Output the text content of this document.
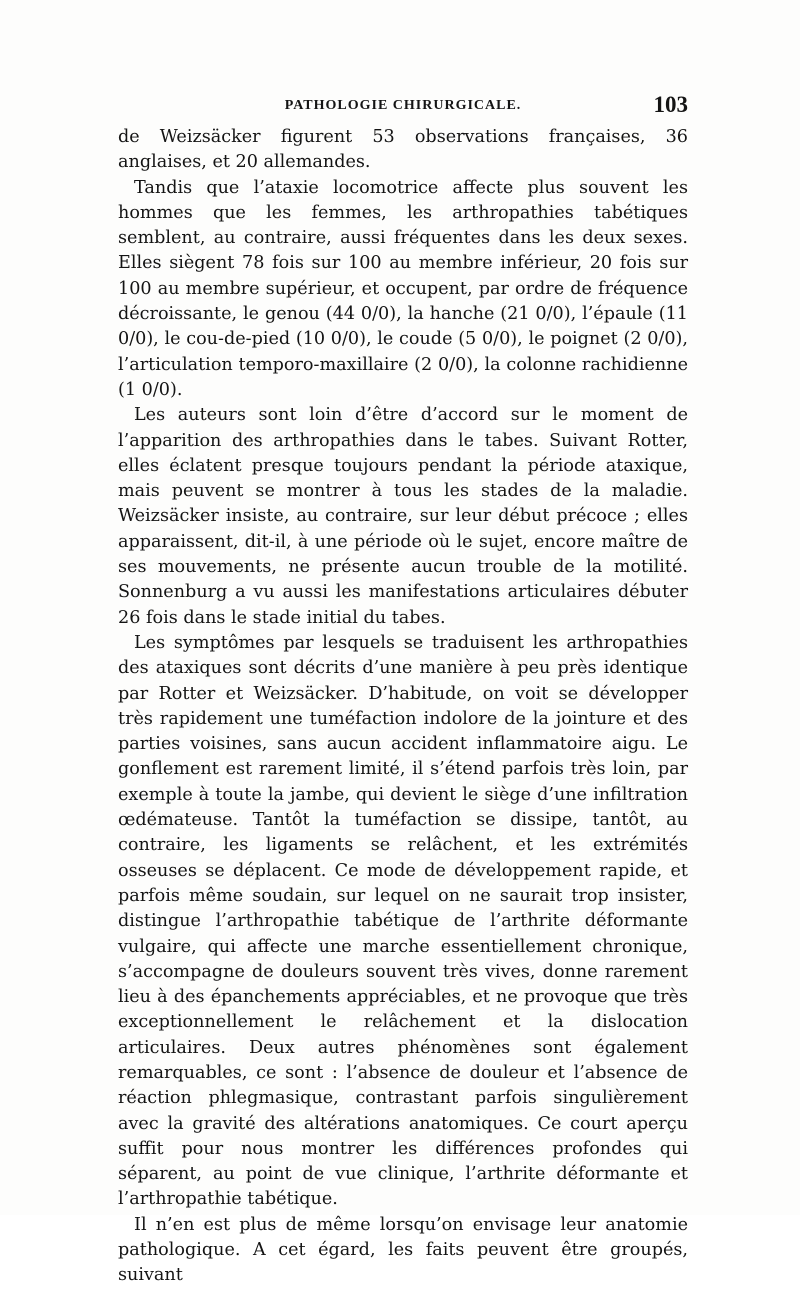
PATHOLOGIE CHIRURGICALE.	103

de Weizsäcker figurent 53 observations françaises, 36 anglaises, et 20 allemandes.

Tandis que l’ataxie locomotrice affecte plus souvent les hommes que les femmes, les arthropathies tabétiques semblent, au contraire, aussi fréquentes dans les deux sexes. Elles siègent 78 fois sur 100 au membre inférieur, 20 fois sur 100 au membre supérieur, et occupent, par ordre de fréquence décroissante, le genou (44 0/0), la hanche (21 0/0), l’épaule (11 0/0), le cou-de-pied (10 0/0), le coude (5 0/0), le poignet (2 0/0), l’articulation temporo-maxillaire (2 0/0), la colonne rachidienne (1 0/0).

Les auteurs sont loin d’être d’accord sur le moment de l’apparition des arthropathies dans le tabes. Suivant Rotter, elles éclatent presque toujours pendant la période ataxique, mais peuvent se montrer à tous les stades de la maladie. Weizsäcker insiste, au contraire, sur leur début précoce ; elles apparaissent, dit-il, à une période où le sujet, encore maître de ses mouvements, ne présente aucun trouble de la motilité. Sonnenburg a vu aussi les manifestations articulaires débuter 26 fois dans le stade initial du tabes.

Les symptômes par lesquels se traduisent les arthropathies des ataxiques sont décrits d’une manière à peu près identique par Rotter et Weizsäcker. D’habitude, on voit se développer très rapidement une tuméfaction indolore de la jointure et des parties voisines, sans aucun accident inflammatoire aigu. Le gonflement est rarement limité, il s’étend parfois très loin, par exemple à toute la jambe, qui devient le siège d’une infiltration œdémateuse. Tantôt la tuméfaction se dissipe, tantôt, au contraire, les ligaments se relâchent, et les extrémités osseuses se déplacent. Ce mode de développement rapide, et parfois même soudain, sur lequel on ne saurait trop insister, distingue l’arthropathie tabétique de l’arthrite déformante vulgaire, qui affecte une marche essentiellement chronique, s’accompagne de douleurs souvent très vives, donne rarement lieu à des épanchements appréciables, et ne provoque que très exceptionnellement le relâchement et la dislocation articulaires. Deux autres phénomènes sont également remarquables, ce sont : l’absence de douleur et l’absence de réaction phlegmasique, contrastant parfois singulièrement avec la gravité des altérations anatomiques. Ce court aperçu suffit pour nous montrer les différences profondes qui séparent, au point de vue clinique, l’arthrite déformante et l’arthropathie tabétique.

Il n’en est plus de même lorsqu’on envisage leur anatomie pathologique. A cet égard, les faits peuvent être groupés, suivant
